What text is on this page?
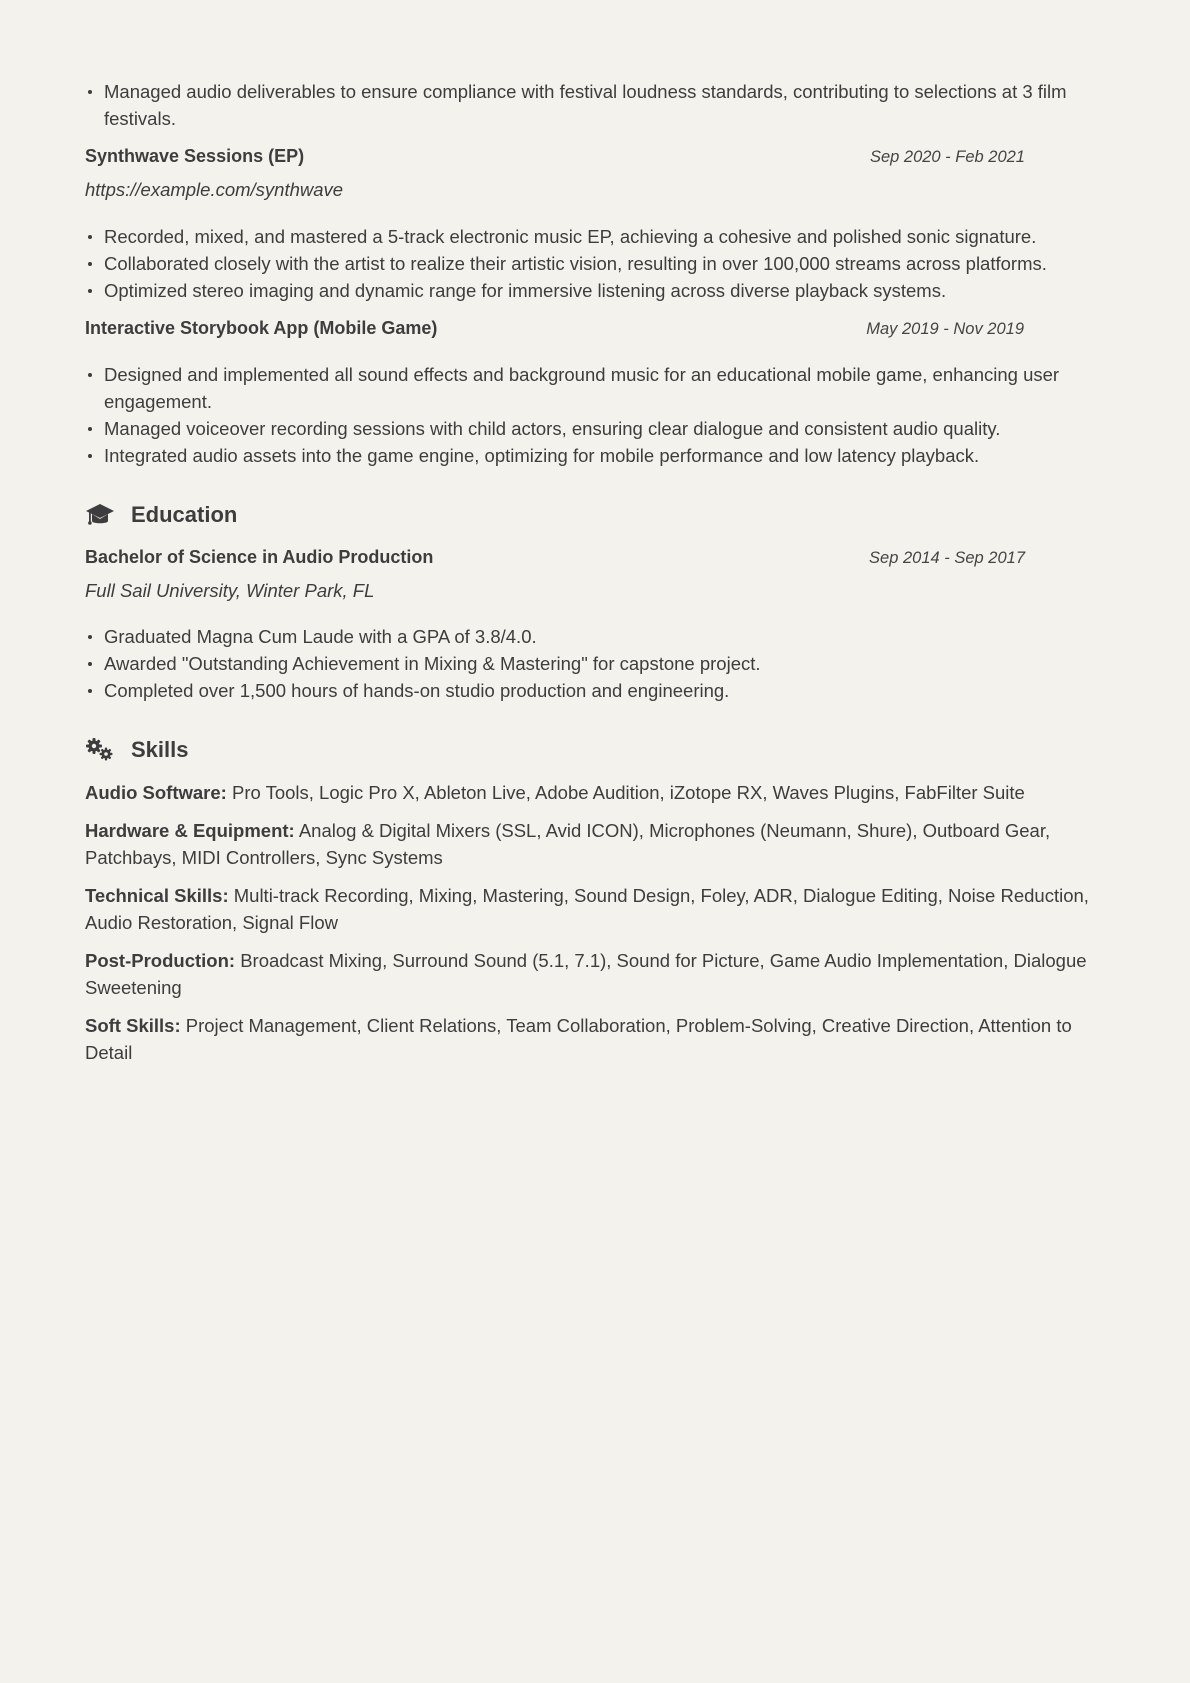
Managed audio deliverables to ensure compliance with festival loudness standards, contributing to selections at 3 film festivals.
Synthwave Sessions (EP)	Sep 2020 - Feb 2021
https://example.com/synthwave
Recorded, mixed, and mastered a 5-track electronic music EP, achieving a cohesive and polished sonic signature.
Collaborated closely with the artist to realize their artistic vision, resulting in over 100,000 streams across platforms.
Optimized stereo imaging and dynamic range for immersive listening across diverse playback systems.
Interactive Storybook App (Mobile Game)	May 2019 - Nov 2019
Designed and implemented all sound effects and background music for an educational mobile game, enhancing user engagement.
Managed voiceover recording sessions with child actors, ensuring clear dialogue and consistent audio quality.
Integrated audio assets into the game engine, optimizing for mobile performance and low latency playback.
Education
Bachelor of Science in Audio Production	Sep 2014 - Sep 2017
Full Sail University, Winter Park, FL
Graduated Magna Cum Laude with a GPA of 3.8/4.0.
Awarded "Outstanding Achievement in Mixing & Mastering" for capstone project.
Completed over 1,500 hours of hands-on studio production and engineering.
Skills
Audio Software: Pro Tools, Logic Pro X, Ableton Live, Adobe Audition, iZotope RX, Waves Plugins, FabFilter Suite
Hardware & Equipment: Analog & Digital Mixers (SSL, Avid ICON), Microphones (Neumann, Shure), Outboard Gear, Patchbays, MIDI Controllers, Sync Systems
Technical Skills: Multi-track Recording, Mixing, Mastering, Sound Design, Foley, ADR, Dialogue Editing, Noise Reduction, Audio Restoration, Signal Flow
Post-Production: Broadcast Mixing, Surround Sound (5.1, 7.1), Sound for Picture, Game Audio Implementation, Dialogue Sweetening
Soft Skills: Project Management, Client Relations, Team Collaboration, Problem-Solving, Creative Direction, Attention to Detail
